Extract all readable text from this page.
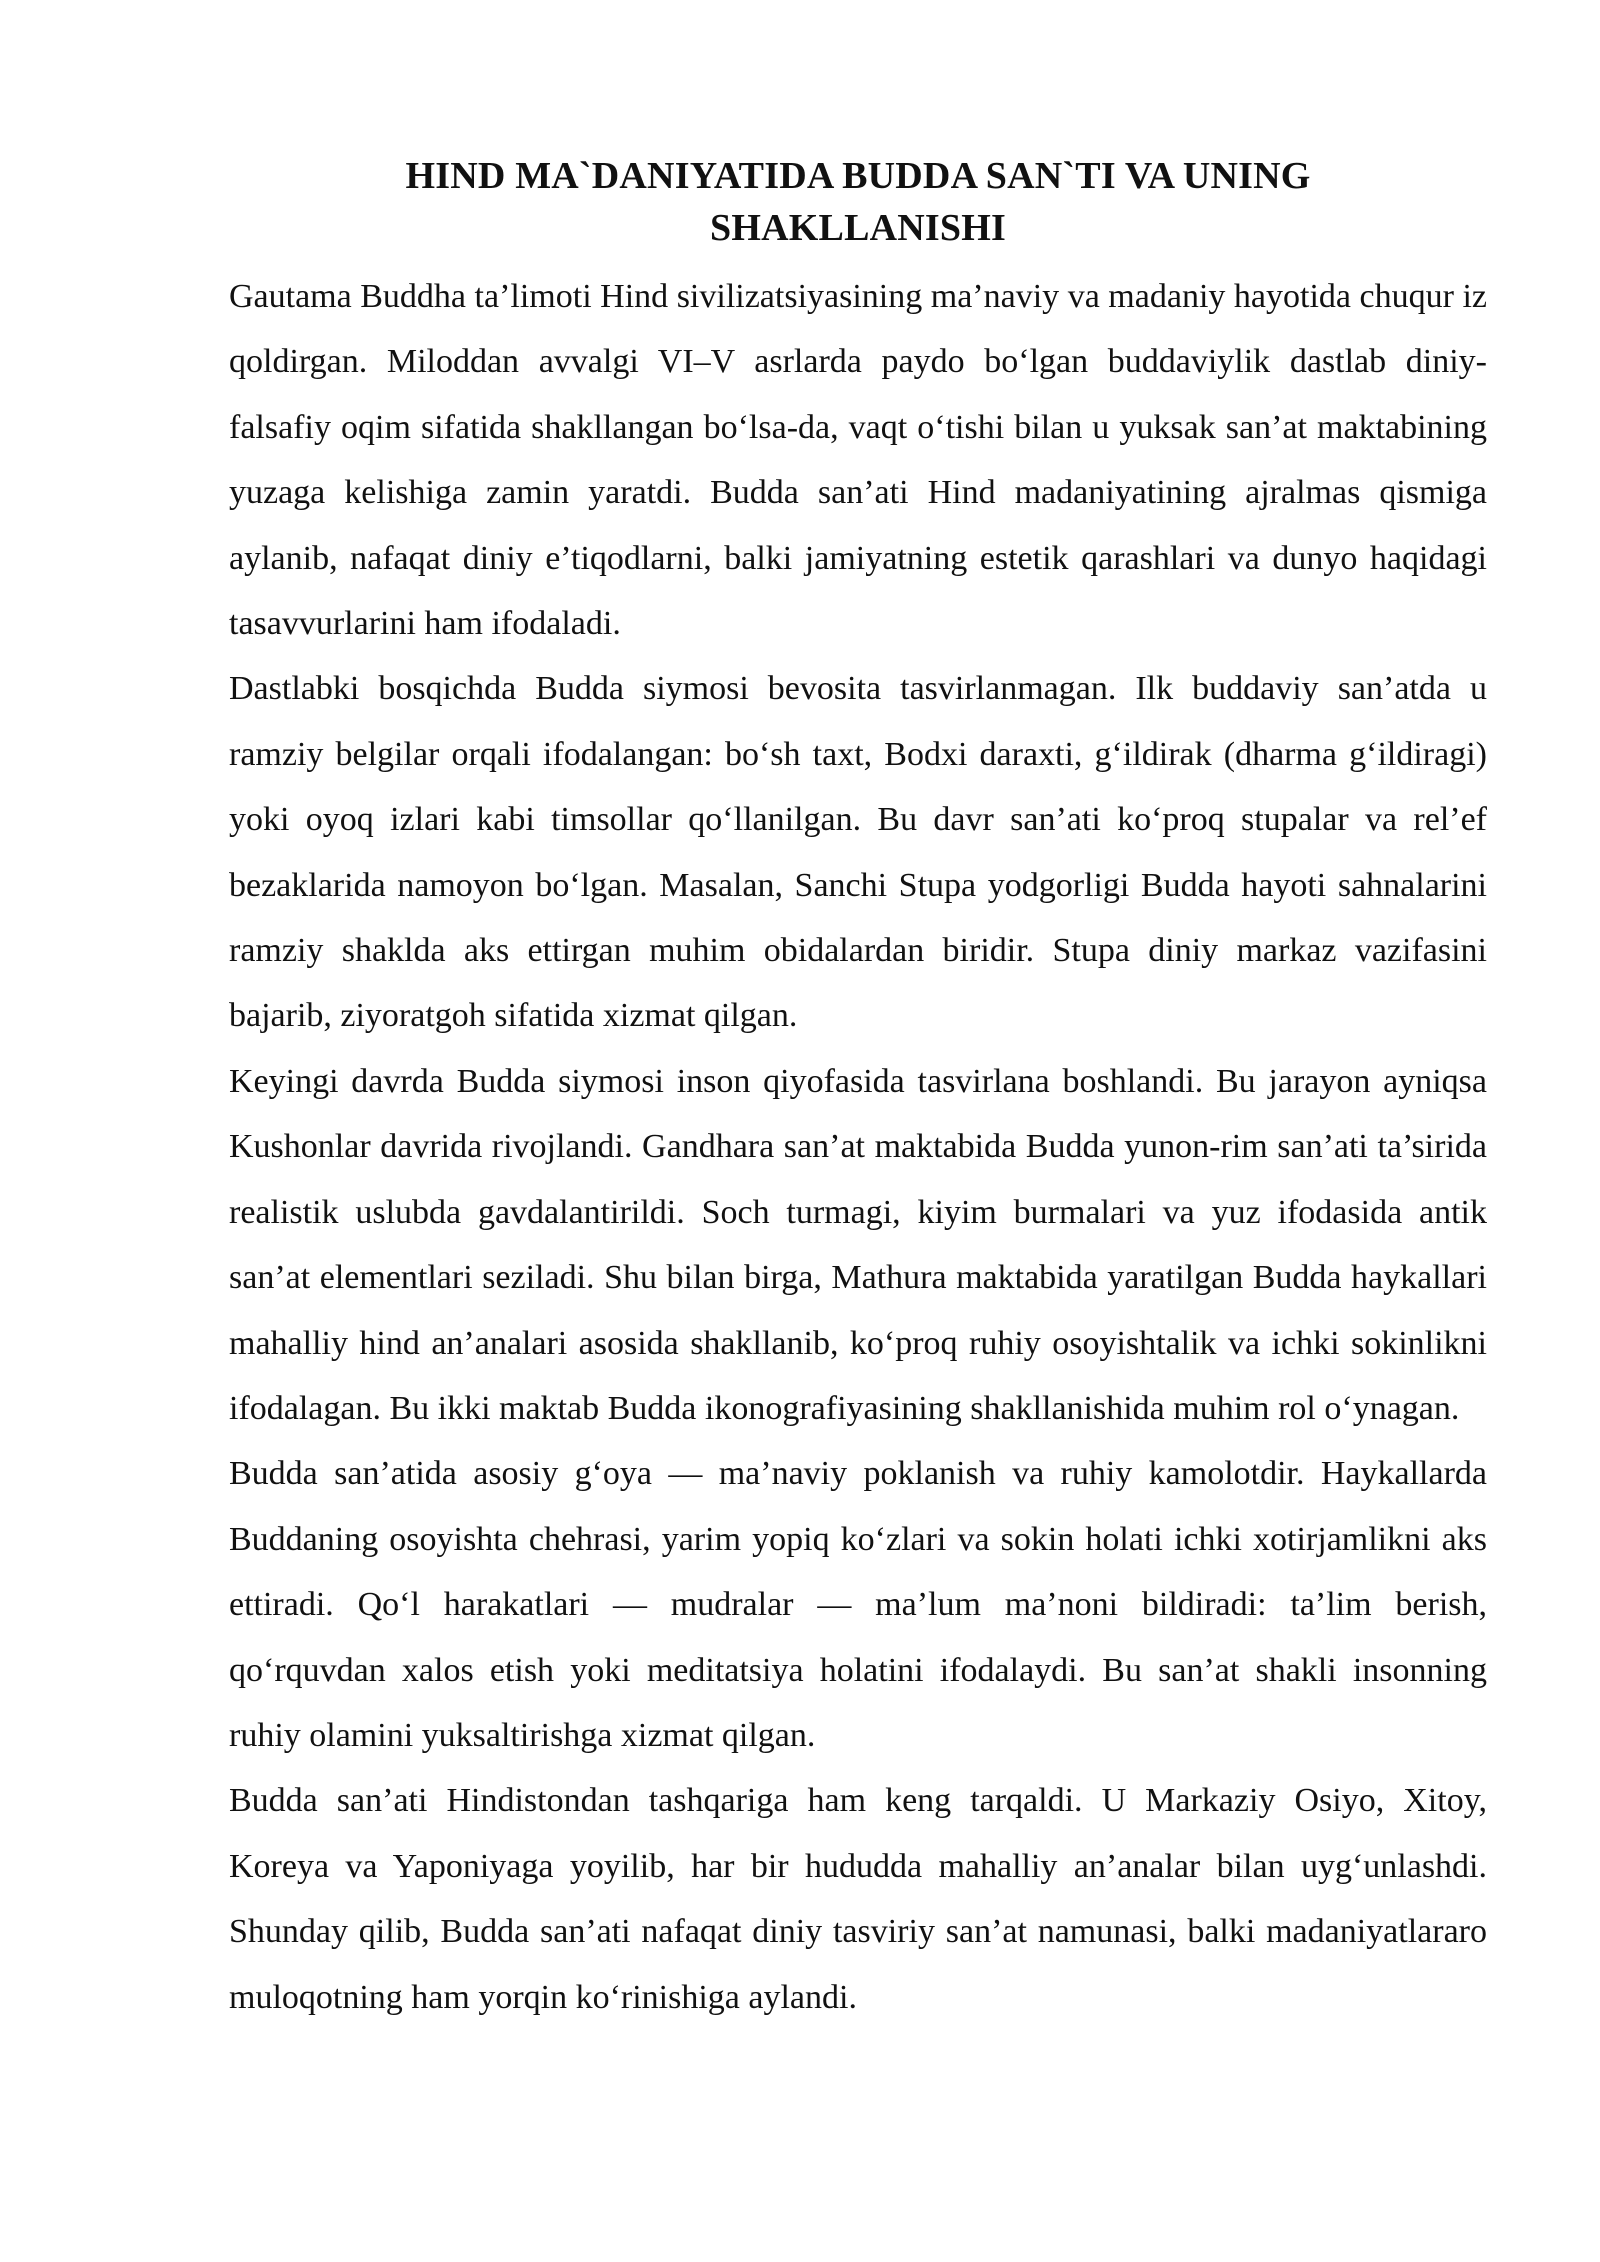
HIND MA`DANIYATIDA BUDDA SAN`TI VA UNING
SHAKLLANISHI

Gautama Buddha ta’limoti Hind sivilizatsiyasining ma’naviy va madaniy hayotida chuqur iz qoldirgan. Miloddan avvalgi VI–V asrlarda paydo bo‘lgan buddaviylik dastlab diniy-falsafiy oqim sifatida shakllangan bo‘lsa-da, vaqt o‘tishi bilan u yuksak san’at maktabining yuzaga kelishiga zamin yaratdi. Budda san’ati Hind madaniyatining ajralmas qismiga aylanib, nafaqat diniy e’tiqodlarni, balki jamiyatning estetik qarashlari va dunyo haqidagi tasavvurlarini ham ifodaladi.

Dastlabki bosqichda Budda siymosi bevosita tasvirlanmagan. Ilk buddaviy san’atda u ramziy belgilar orqali ifodalangan: bo‘sh taxt, Bodxi daraxti, g‘ildirak (dharma g‘ildiragi) yoki oyoq izlari kabi timsollar qo‘llanilgan. Bu davr san’ati ko‘proq stupalar va rel’ef bezaklarida namoyon bo‘lgan. Masalan, Sanchi Stupa yodgorligi Budda hayoti sahnalarini ramziy shaklda aks ettirgan muhim obidalardan biridir. Stupa diniy markaz vazifasini bajarib, ziyoratgoh sifatida xizmat qilgan.

Keyingi davrda Budda siymosi inson qiyofasida tasvirlana boshlandi. Bu jarayon ayniqsa Kushonlar davrida rivojlandi. Gandhara san’at maktabida Budda yunon-rim san’ati ta’sirida realistik uslubda gavdalantirildi. Soch turmagi, kiyim burmalari va yuz ifodasida antik san’at elementlari seziladi. Shu bilan birga, Mathura maktabida yaratilgan Budda haykallari mahalliy hind an’analari asosida shakllanib, ko‘proq ruhiy osoyishtalik va ichki sokinlikni ifodalagan. Bu ikki maktab Budda ikonografiyasining shakllanishida muhim rol o‘ynagan.

Budda san’atida asosiy g‘oya — ma’naviy poklanish va ruhiy kamolotdir. Haykallarda Buddaning osoyishta chehrasi, yarim yopiq ko‘zlari va sokin holati ichki xotirjamlikni aks ettiradi. Qo‘l harakatlari — mudralar — ma’lum ma’noni bildiradi: ta’lim berish, qo‘rquvdan xalos etish yoki meditatsiya holatini ifodalaydi. Bu san’at shakli insonning ruhiy olamini yuksaltirishga xizmat qilgan.

Budda san’ati Hindistondan tashqariga ham keng tarqaldi. U Markaziy Osiyo, Xitoy, Koreya va Yaponiyaga yoyilib, har bir hududda mahalliy an’analar bilan uyg‘unlashdi. Shunday qilib, Budda san’ati nafaqat diniy tasviriy san’at namunasi, balki madaniyatlararo muloqotning ham yorqin ko‘rinishiga aylandi.
